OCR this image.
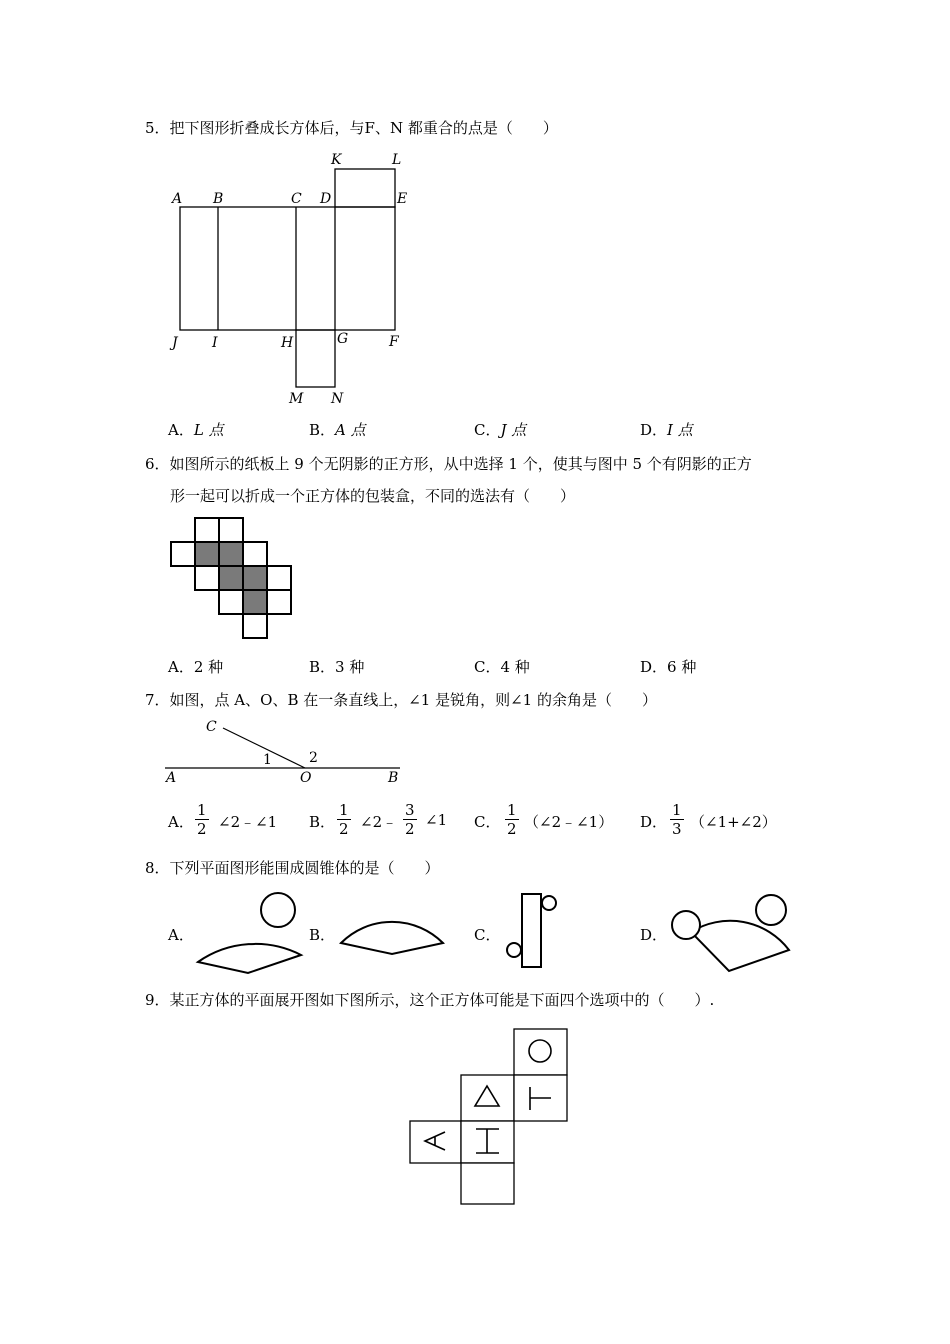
5．把下图形折叠成长方体后，与F、N 都重合的点是（　　）
A B	C D	E
K	L
J I	H	G	F
M N
A．L 点	B．A 点	C．J 点	D．I 点
6．如图所示的纸板上 9 个无阴影的正方形，从中选择 1 个，使其与图中 5 个有阴影的正方
形一起可以折成一个正方体的包装盒，不同的选法有（　　）
A．2 种	B．3 种	C．4 种	D．6 种
7．如图，点 A、O、B 在一条直线上，∠1 是锐角，则∠1 的余角是（　　）
C
A	O	B
1	2
A． $\frac{1}{2}$ ∠2﹣∠1 B． $\frac{1}{2}$ ∠2﹣ $\frac{3}{2}$ ∠1 C． $\frac{1}{2}$ （∠2﹣∠1） D． $\frac{1}{3}$ （∠1+∠2）
8．下列平面图形能围成圆锥体的是（　　）
A．	B．	C．	D．
9．某正方体的平面展开图如下图所示，这个正方体可能是下面四个选项中的（　　）.
